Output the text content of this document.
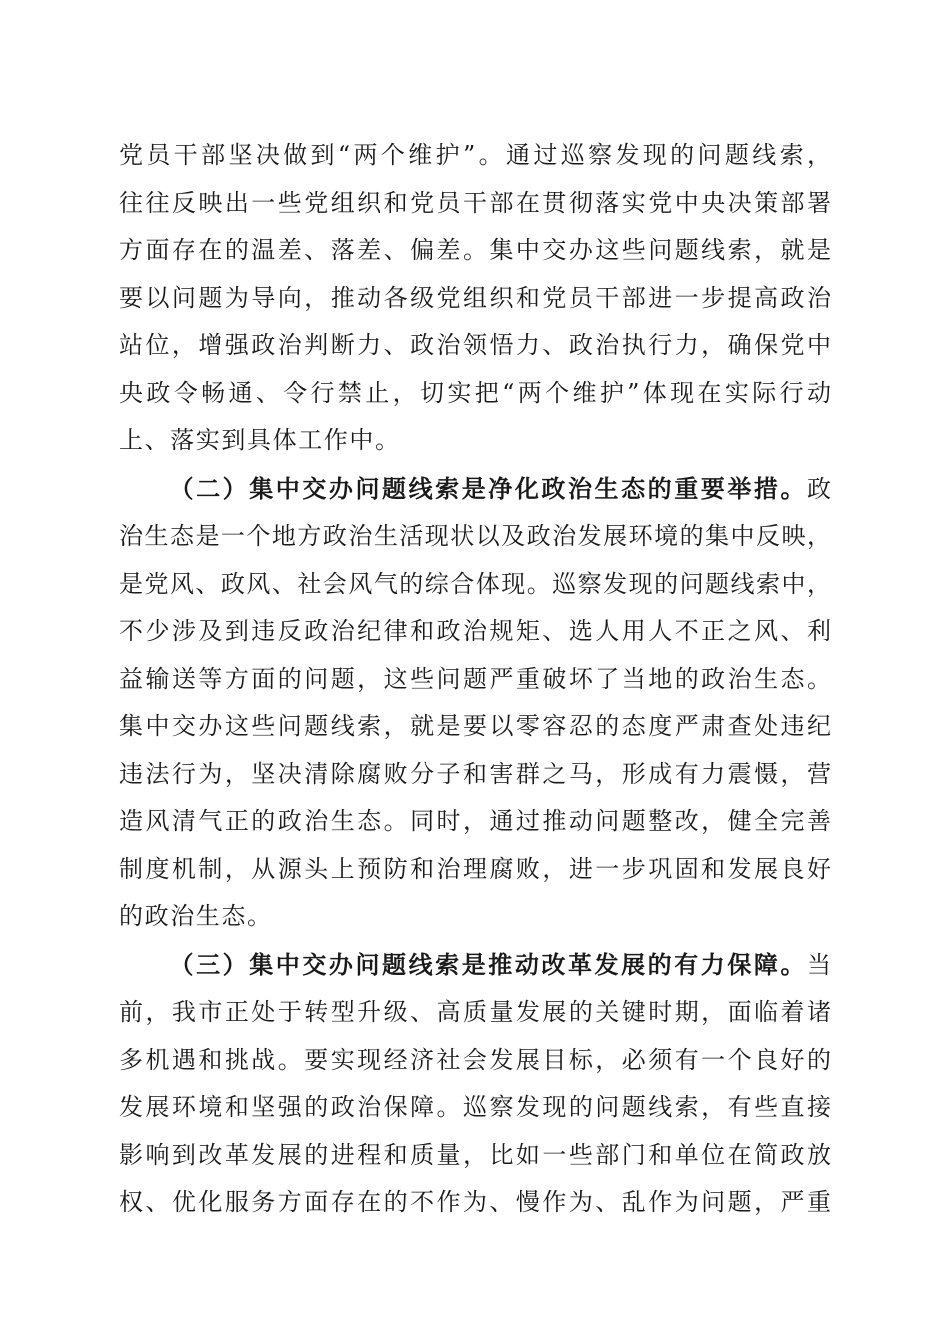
党员干部坚决做到“两个维护”。通过巡察发现的问题线索，
往往反映出一些党组织和党员干部在贯彻落实党中央决策部署
方面存在的温差、落差、偏差。集中交办这些问题线索，就是
要以问题为导向，推动各级党组织和党员干部进一步提高政治
站位，增强政治判断力、政治领悟力、政治执行力，确保党中
央政令畅通、令行禁止，切实把“两个维护”体现在实际行动
上、落实到具体工作中。
（二）集中交办问题线索是净化政治生态的重要举措。政
治生态是一个地方政治生活现状以及政治发展环境的集中反映，
是党风、政风、社会风气的综合体现。巡察发现的问题线索中，
不少涉及到违反政治纪律和政治规矩、选人用人不正之风、利
益输送等方面的问题，这些问题严重破坏了当地的政治生态。
集中交办这些问题线索，就是要以零容忍的态度严肃查处违纪
违法行为，坚决清除腐败分子和害群之马，形成有力震慑，营
造风清气正的政治生态。同时，通过推动问题整改，健全完善
制度机制，从源头上预防和治理腐败，进一步巩固和发展良好
的政治生态。
（三）集中交办问题线索是推动改革发展的有力保障。当
前，我市正处于转型升级、高质量发展的关键时期，面临着诸
多机遇和挑战。要实现经济社会发展目标，必须有一个良好的
发展环境和坚强的政治保障。巡察发现的问题线索，有些直接
影响到改革发展的进程和质量，比如一些部门和单位在简政放
权、优化服务方面存在的不作为、慢作为、乱作为问题，严重
